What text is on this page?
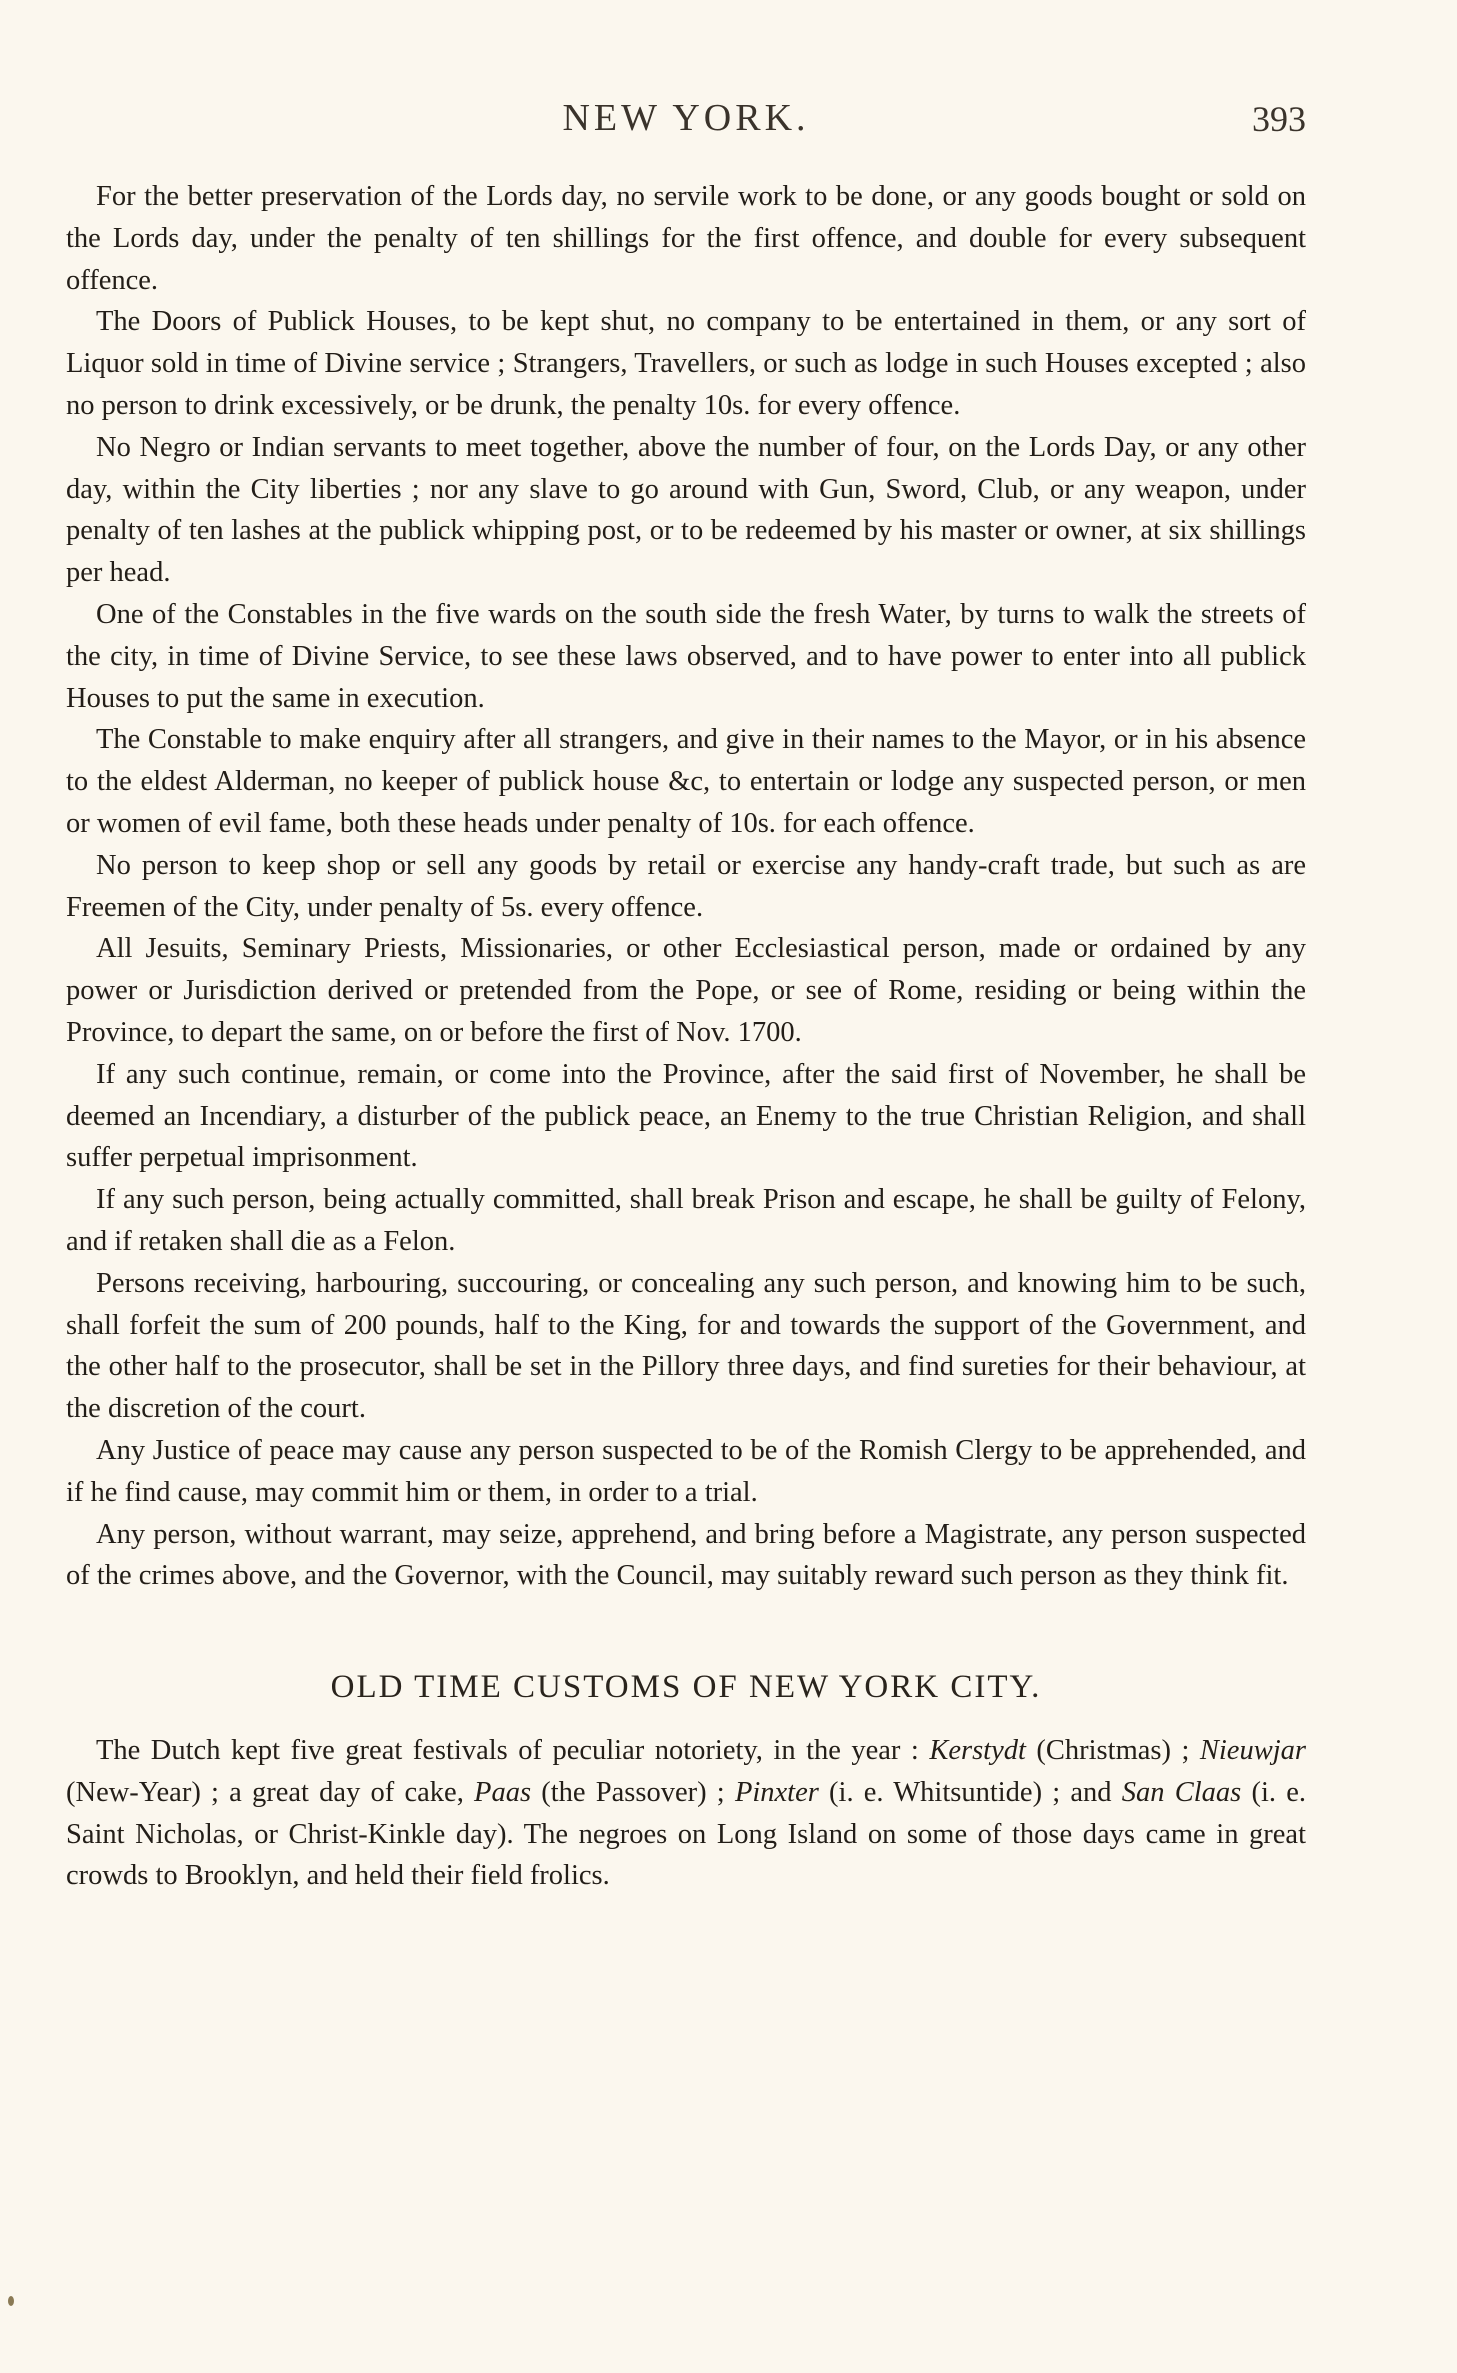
NEW YORK.	393

For the better preservation of the Lords day, no servile work to be done, or any goods bought or sold on the Lords day, under the penalty of ten shillings for the first offence, and double for every subsequent offence.

The Doors of Publick Houses, to be kept shut, no company to be entertained in them, or any sort of Liquor sold in time of Divine service ; Strangers, Travellers, or such as lodge in such Houses excepted ; also no person to drink excessively, or be drunk, the penalty 10s. for every offence.

No Negro or Indian servants to meet together, above the number of four, on the Lords Day, or any other day, within the City liberties ; nor any slave to go around with Gun, Sword, Club, or any weapon, under penalty of ten lashes at the publick whipping post, or to be redeemed by his master or owner, at six shillings per head.

One of the Constables in the five wards on the south side the fresh Water, by turns to walk the streets of the city, in time of Divine Service, to see these laws observed, and to have power to enter into all publick Houses to put the same in execution.

The Constable to make enquiry after all strangers, and give in their names to the Mayor, or in his absence to the eldest Alderman, no keeper of publick house &c, to entertain or lodge any suspected person, or men or women of evil fame, both these heads under penalty of 10s. for each offence.

No person to keep shop or sell any goods by retail or exercise any handy-craft trade, but such as are Freemen of the City, under penalty of 5s. every offence.

All Jesuits, Seminary Priests, Missionaries, or other Ecclesiastical person, made or ordained by any power or Jurisdiction derived or pretended from the Pope, or see of Rome, residing or being within the Province, to depart the same, on or before the first of Nov. 1700.

If any such continue, remain, or come into the Province, after the said first of November, he shall be deemed an Incendiary, a disturber of the publick peace, an Enemy to the true Christian Religion, and shall suffer perpetual imprisonment.

If any such person, being actually committed, shall break Prison and escape, he shall be guilty of Felony, and if retaken shall die as a Felon.

Persons receiving, harbouring, succouring, or concealing any such person, and knowing him to be such, shall forfeit the sum of 200 pounds, half to the King, for and towards the support of the Government, and the other half to the prosecutor, shall be set in the Pillory three days, and find sureties for their behaviour, at the discretion of the court.

Any Justice of peace may cause any person suspected to be of the Romish Clergy to be apprehended, and if he find cause, may commit him or them, in order to a trial.

Any person, without warrant, may seize, apprehend, and bring before a Magistrate, any person suspected of the crimes above, and the Governor, with the Council, may suitably reward such person as they think fit.

OLD TIME CUSTOMS OF NEW YORK CITY.

The Dutch kept five great festivals of peculiar notoriety, in the year : Kerstydt (Christmas) ; Nieuwjar (New-Year) ; a great day of cake, Paas (the Passover) ; Pinxter (i. e. Whitsuntide) ; and San Claas (i. e. Saint Nicholas, or Christ-Kinkle day). The negroes on Long Island on some of those days came in great crowds to Brooklyn, and held their field frolics.
